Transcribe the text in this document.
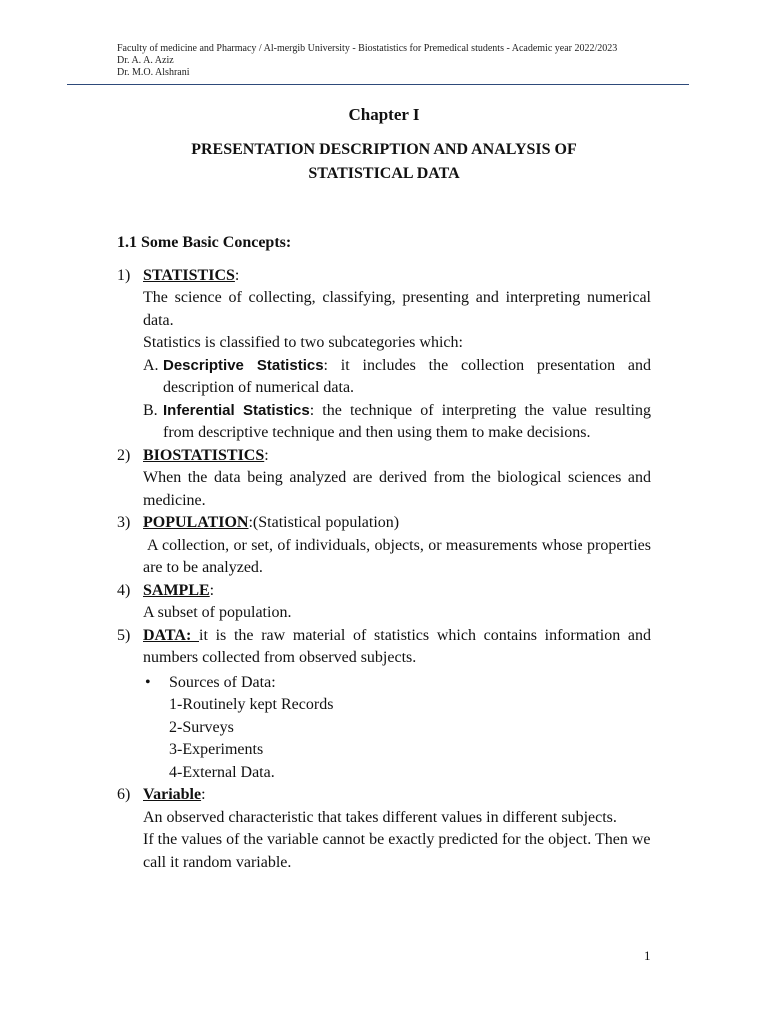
Faculty of medicine and Pharmacy / Al-mergib University - Biostatistics for Premedical students - Academic year 2022/2023
Dr. A. A. Aziz
Dr. M.O. Alshrani
Chapter I
PRESENTATION DESCRIPTION AND ANALYSIS OF
STATISTICAL DATA
1.1 Some Basic Concepts:
1) STATISTICS:
The science of collecting, classifying, presenting and interpreting numerical data.
Statistics is classified to two subcategories which:
A. Descriptive Statistics: it includes the collection presentation and description of numerical data.
B. Inferential Statistics: the technique of interpreting the value resulting from descriptive technique and then using them to make decisions.
2) BIOSTATISTICS:
When the data being analyzed are derived from the biological sciences and medicine.
3) POPULATION:(Statistical population)
A collection, or set, of individuals, objects, or measurements whose properties are to be analyzed.
4) SAMPLE:
A subset of population.
5) DATA: it is the raw material of statistics which contains information and numbers collected from observed subjects.
• Sources of Data:
1-Routinely kept Records
2-Surveys
3-Experiments
4-External Data.
6) Variable:
An observed characteristic that takes different values in different subjects.
If the values of the variable cannot be exactly predicted for the object. Then we call it random variable.
1
